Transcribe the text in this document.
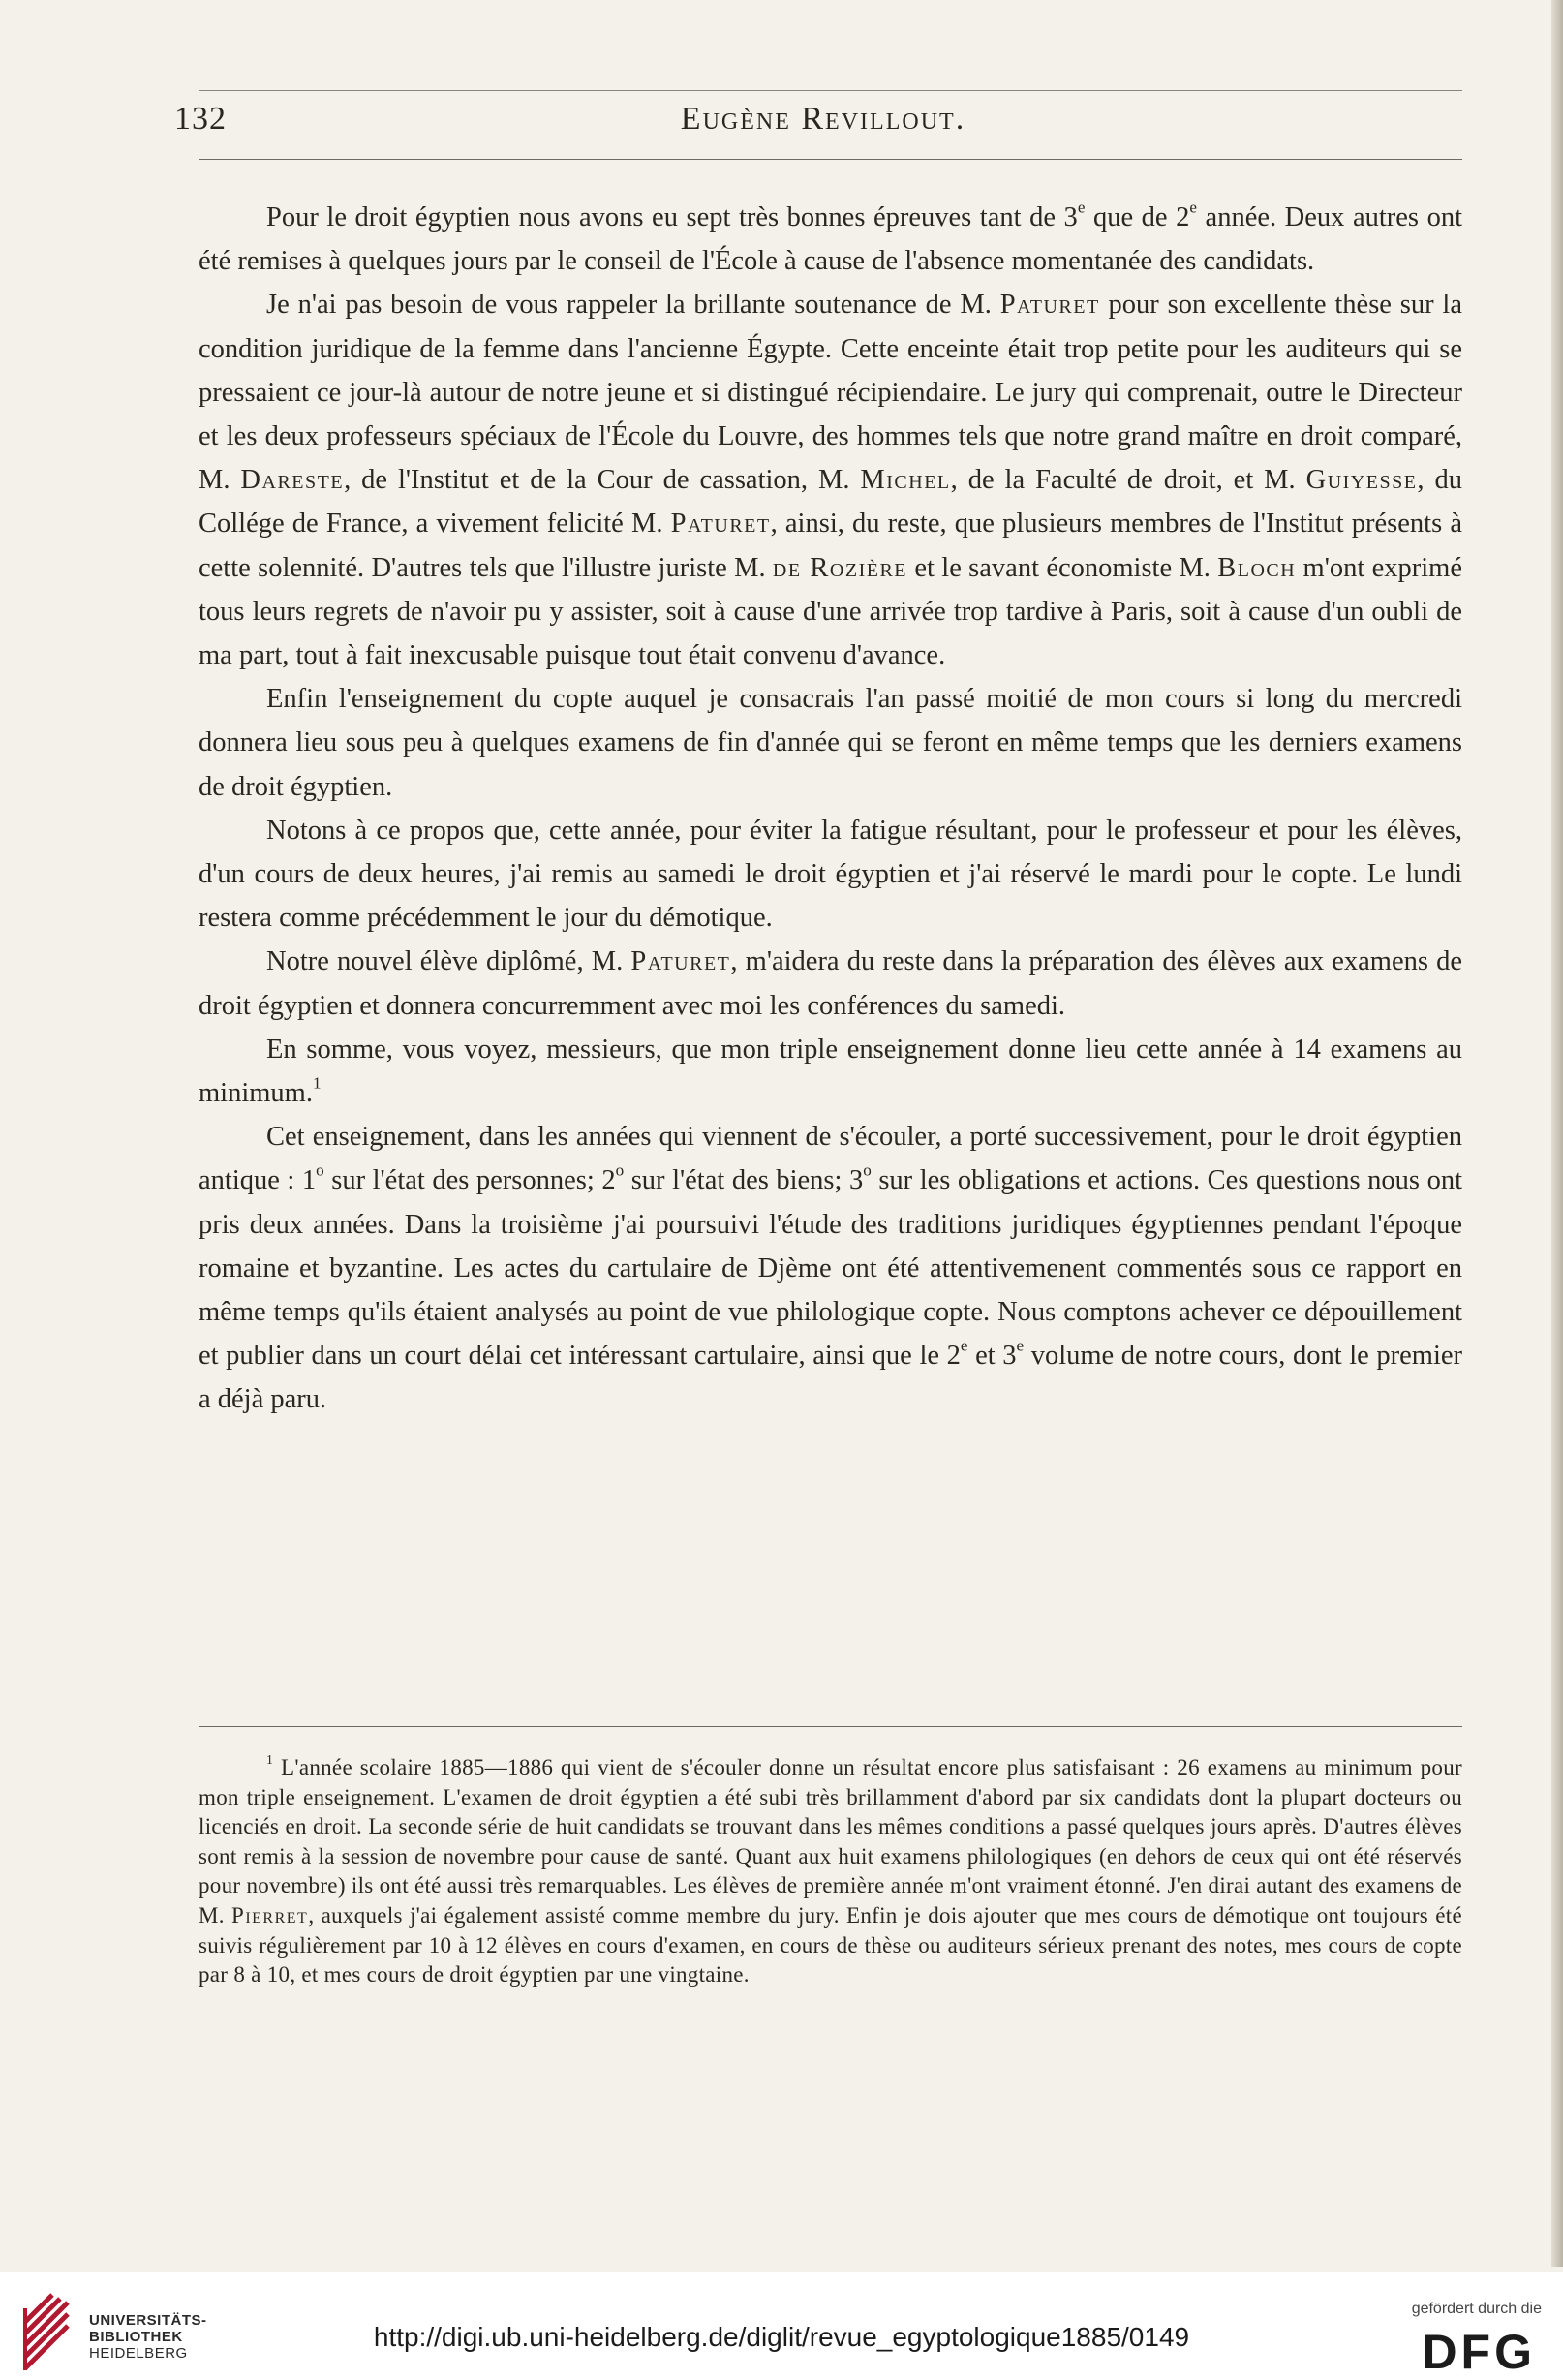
132	Eugène Revillout.

Pour le droit égyptien nous avons eu sept très bonnes épreuves tant de 3e que de 2e année. Deux autres ont été remises à quelques jours par le conseil de l'École à cause de l'absence momentanée des candidats.

Je n'ai pas besoin de vous rappeler la brillante soutenance de M. Paturet pour son excellente thèse sur la condition juridique de la femme dans l'ancienne Égypte. Cette enceinte était trop petite pour les auditeurs qui se pressaient ce jour-là autour de notre jeune et si distingué récipiendaire. Le jury qui comprenait, outre le Directeur et les deux professeurs spéciaux de l'École du Louvre, des hommes tels que notre grand maître en droit comparé, M. Dareste, de l'Institut et de la Cour de cassation, M. Michel, de la Faculté de droit, et M. Guiyesse, du Collége de France, a vivement felicité M. Paturet, ainsi, du reste, que plusieurs membres de l'Institut présents à cette solennité. D'autres tels que l'illustre juriste M. de Rozière et le savant économiste M. Bloch m'ont exprimé tous leurs regrets de n'avoir pu y assister, soit à cause d'une arrivée trop tardive à Paris, soit à cause d'un oubli de ma part, tout à fait inexcusable puisque tout était convenu d'avance.

Enfin l'enseignement du copte auquel je consacrais l'an passé moitié de mon cours si long du mercredi donnera lieu sous peu à quelques examens de fin d'année qui se feront en même temps que les derniers examens de droit égyptien.

Notons à ce propos que, cette année, pour éviter la fatigue résultant, pour le professeur et pour les élèves, d'un cours de deux heures, j'ai remis au samedi le droit égyptien et j'ai réservé le mardi pour le copte. Le lundi restera comme précédemment le jour du démotique.

Notre nouvel élève diplômé, M. Paturet, m'aidera du reste dans la préparation des élèves aux examens de droit égyptien et donnera concurremment avec moi les conférences du samedi.

En somme, vous voyez, messieurs, que mon triple enseignement donne lieu cette année à 14 examens au minimum.$^1$

Cet enseignement, dans les années qui viennent de s'écouler, a porté successivement, pour le droit égyptien antique : 1$^o$ sur l'état des personnes; 2$^o$ sur l'état des biens; 3$^o$ sur les obligations et actions. Ces questions nous ont pris deux années. Dans la troisième j'ai poursuivi l'étude des traditions juridiques égyptiennes pendant l'époque romaine et byzantine. Les actes du cartulaire de Djème ont été attentivemenent commentés sous ce rapport en même temps qu'ils étaient analysés au point de vue philologique copte. Nous comptons achever ce dépouillement et publier dans un court délai cet intéressant cartulaire, ainsi que le 2e et 3e volume de notre cours, dont le premier a déjà paru.

$^1$ L'année scolaire 1885—1886 qui vient de s'écouler donne un résultat encore plus satisfaisant : 26 examens au minimum pour mon triple enseignement. L'examen de droit égyptien a été subi très brillamment d'abord par six candidats dont la plupart docteurs ou licenciés en droit. La seconde série de huit candidats se trouvant dans les mêmes conditions a passé quelques jours après. D'autres élèves sont remis à la session de novembre pour cause de santé. Quant aux huit examens philologiques (en dehors de ceux qui ont été réservés pour novembre) ils ont été aussi très remarquables. Les élèves de première année m'ont vraiment étonné. J'en dirai autant des examens de M. Pierret, auxquels j'ai également assisté comme membre du jury. Enfin je dois ajouter que mes cours de démotique ont toujours été suivis régulièrement par 10 à 12 élèves en cours d'examen, en cours de thèse ou auditeurs sérieux prenant des notes, mes cours de copte par 8 à 10, et mes cours de droit égyptien par une vingtaine.
UNIVERSITÄTS-
BIBLIOTHEK
HEIDELBERG
http://digi.ub.uni-heidelberg.de/diglit/revue_egyptologique1885/0149
gefördert durch die
DFG
